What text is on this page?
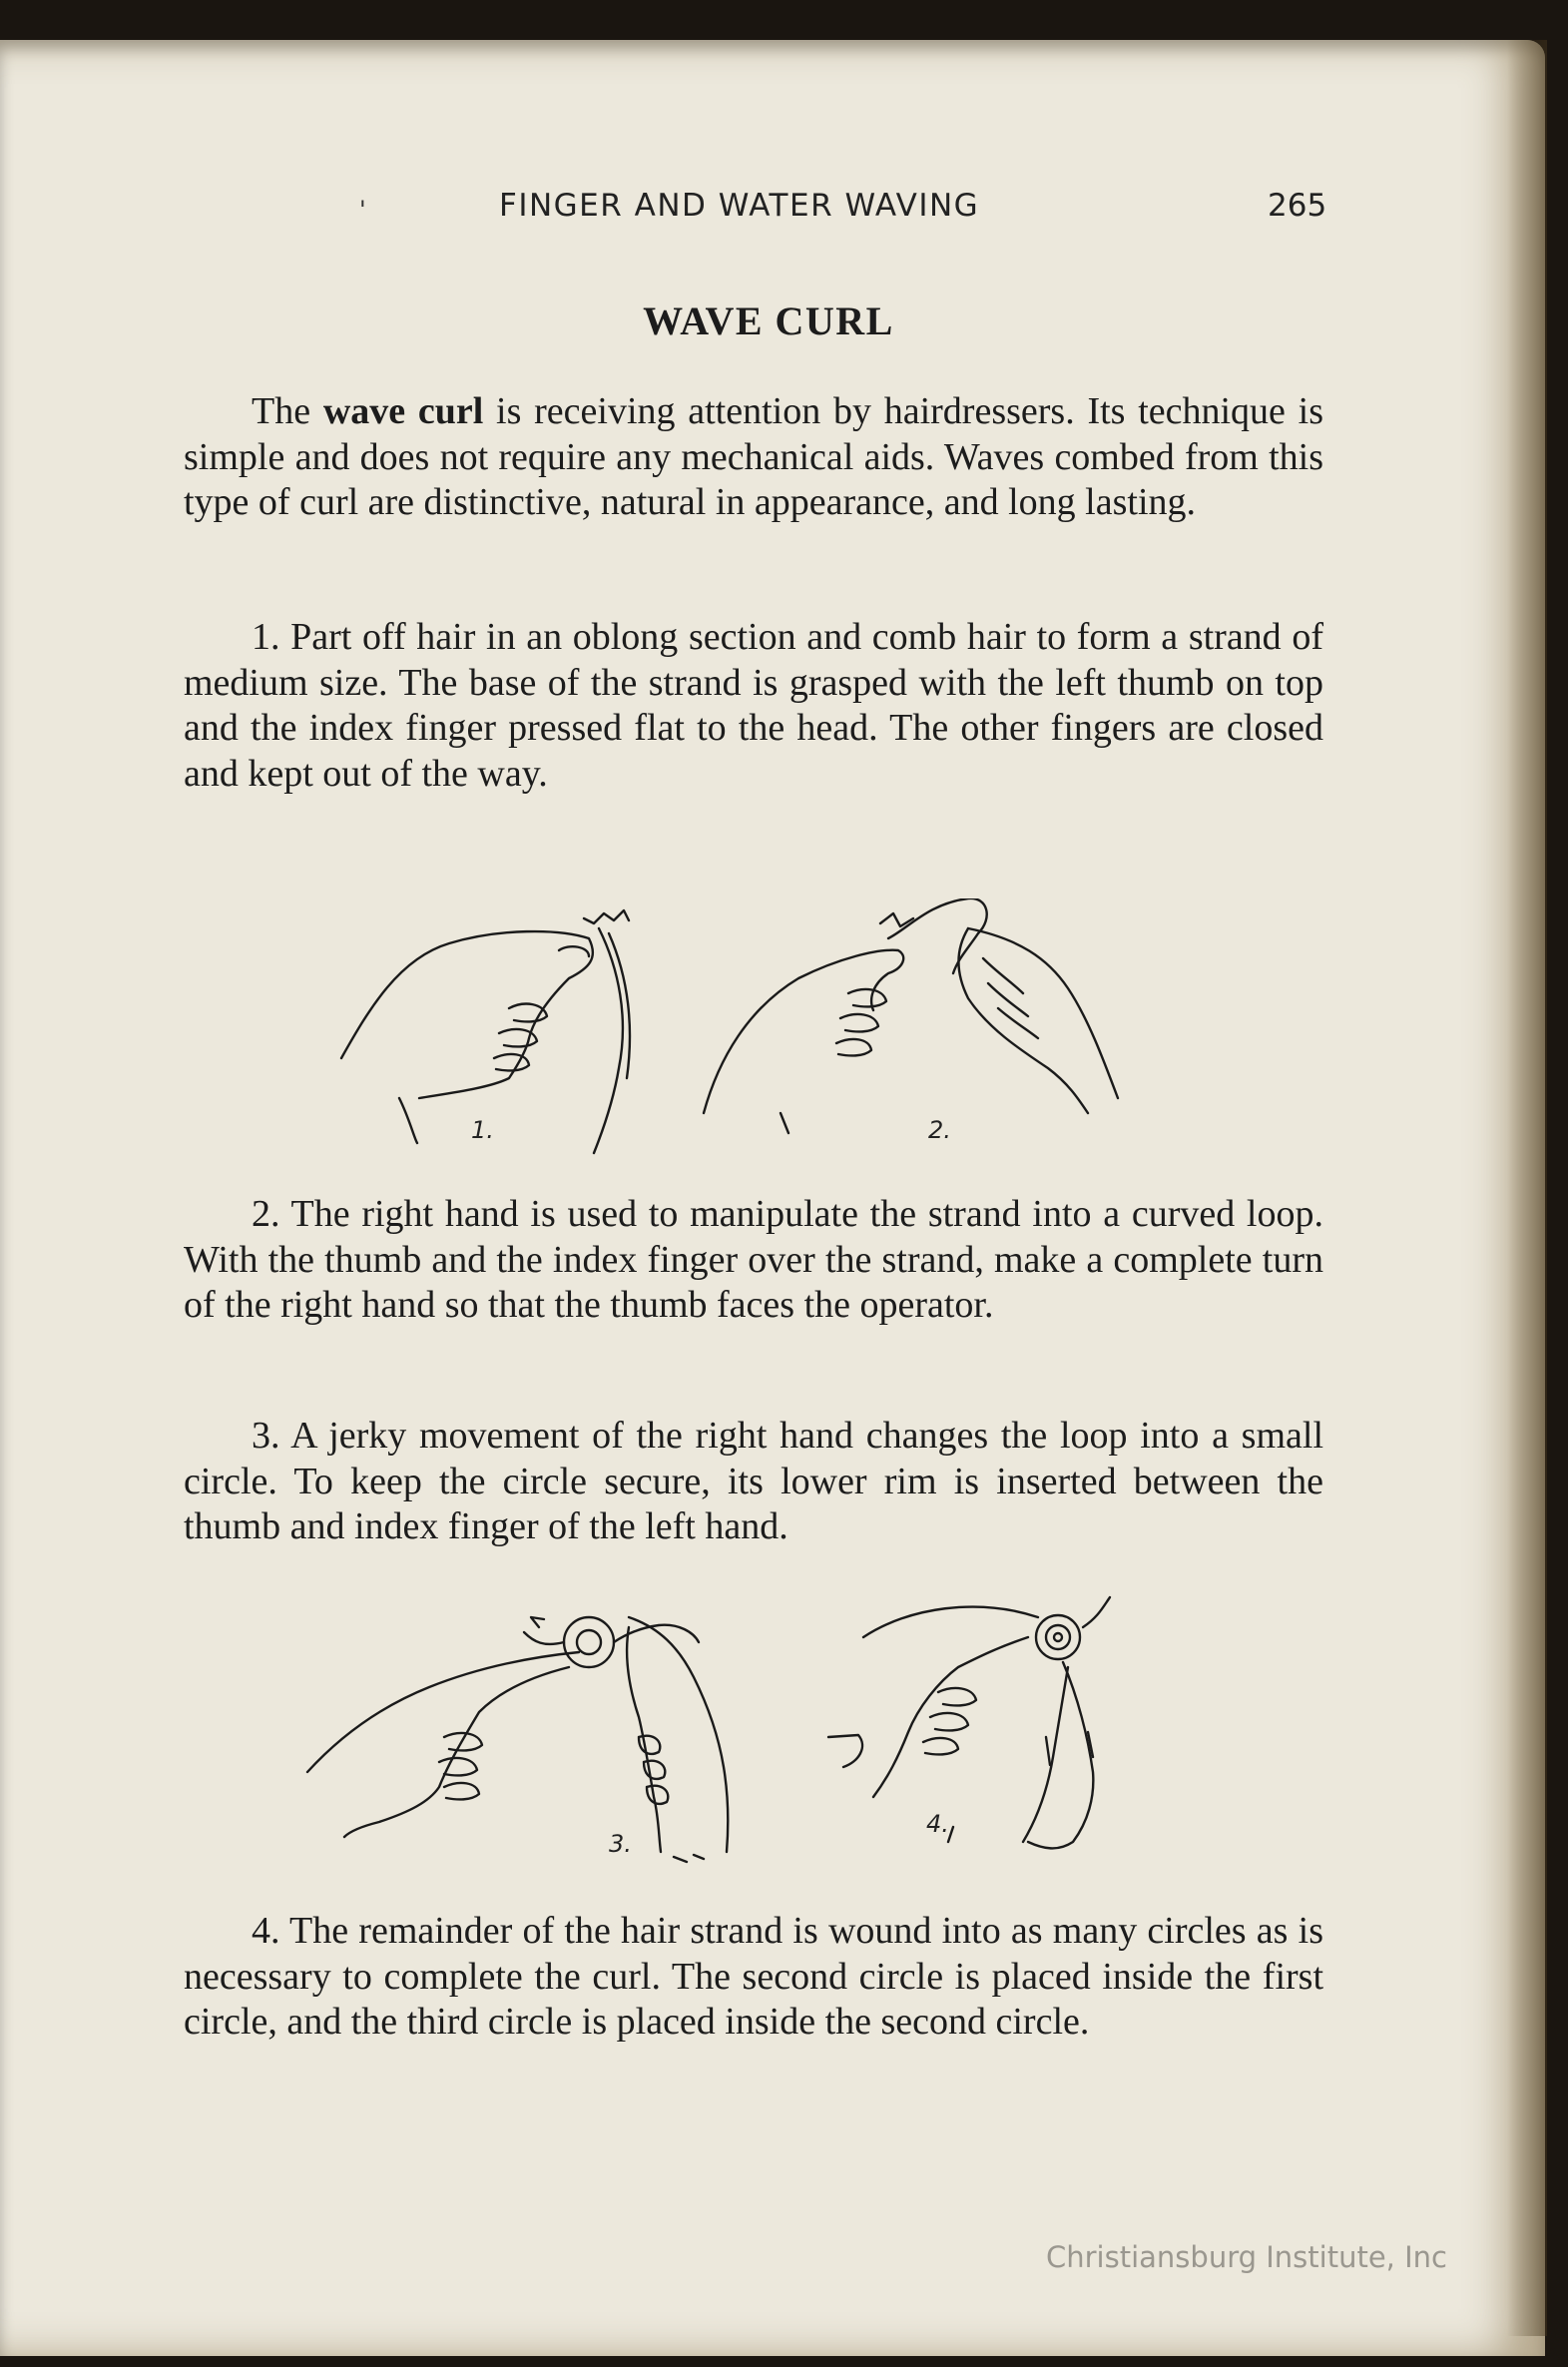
'	FINGER AND WATER WAVING	265
WAVE CURL

The wave curl is receiving attention by hairdressers. Its technique is simple and does not require any mechanical aids. Waves combed from this type of curl are distinctive, natural in appearance, and long lasting.

1. Part off hair in an oblong section and comb hair to form a strand of medium size. The base of the strand is grasped with the left thumb on top and the index finger pressed flat to the head. The other fingers are closed and kept out of the way.

1.	2.
3.
4.

2. The right hand is used to manipulate the strand into a curved loop. With the thumb and the index finger over the strand, make a complete turn of the right hand so that the thumb faces the operator.

3. A jerky movement of the right hand changes the loop into a small circle. To keep the circle secure, its lower rim is inserted between the thumb and index finger of the left hand.

4. The remainder of the hair strand is wound into as many circles as is necessary to complete the curl. The second circle is placed inside the first circle, and the third circle is placed inside the second circle.

Christiansburg Institute, Inc
